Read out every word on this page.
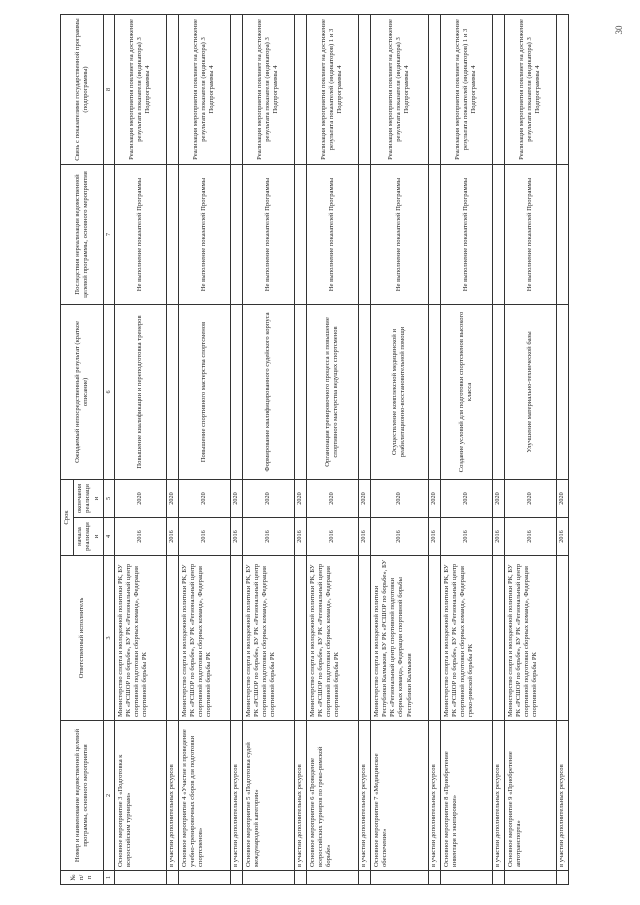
№ п/п	Номер и наименование ведомственной целевой программы, основного мероприятия	Ответственный исполнитель	Срок		Ожидаемый непосредственный результат (краткое описание)	Последствия нереализации ведомственной целевой программы, основного мероприятия	Связь с показателями государственной программы (подпрограммы)
			начала реализации	окончания реализации			
1	2	3	4	5	6	7	8
	Основное мероприятие 3 «Подготовка к всероссийским турнирам»	Министерство спорта и молодежной политики РК, БУ РК «РСШОР по борьбе», БУ РК «Региональный центр спортивной подготовки сборных команд», Федерация спортивной борьбы РК	2016	2020	Повышение квалификации и переподготовка тренеров	Не выполнение показателей Программы	Реализация мероприятия повлияет на достижение результата показателя (индикатора) 3 Подпрограммы 4
	в участии дополнительных ресурсов		2016	2020			
	Основное мероприятие 4 «Участие и проведение учебно-тренировочных сборов для подготовки спортсменов»	Министерство спорта и молодежной политики РК, БУ РК «РСШОР по борьбе», БУ РК «Региональный центр спортивной подготовки сборных команд», Федерация спортивной борьбы РК	2016	2020	Повышение спортивного мастерства спортсменов	Не выполнение показателей Программы	Реализация мероприятия повлияет на достижение результата показателя (индикатора) 3 Подпрограммы 4
	в участии дополнительных ресурсов		2016	2020			
	Основное мероприятие 5 «Подготовка судей международной категории»	Министерство спорта и молодежной политики РК, БУ РК «РСШОР по борьбе», БУ РК «Региональный центр спортивной подготовки сборных команд», Федерация спортивной борьбы РК	2016	2020	Формирование квалифицированного судейского корпуса	Не выполнение показателей Программы	Реализация мероприятия повлияет на достижение результата показателя (индикатора) 3 Подпрограммы 4
	в участии дополнительных ресурсов		2016	2020			
	Основное мероприятие 6 «Проведение всероссийских турниров по греко-римской борьбе»	Министерство спорта и молодежной политики РК, БУ РК «РСШОР по борьбе», БУ РК «Региональный центр спортивной подготовки сборных команд», Федерация спортивной борьбы РК	2016	2020	Организация тренировочного процесса и повышение спортивного мастерства ведущих спортсменов	Не выполнение показателей Программы	Реализация мероприятия повлияет на достижение результата показателей (индикаторов) 1 и 3 Подпрограммы 4
	в участии дополнительных ресурсов		2016	2020			
	Основное мероприятие 7 «Медицинское обеспечение»	Министерство спорта и молодежной политики Республики Калмыкия, БУ РК «РСШОР по борьбе», БУ РК «Региональный центр спортивной подготовки сборных команд», Федерация спортивной борьбы Республики Калмыкия	2016	2020	Осуществление комплексной медицинской и реабилитационно-восстановительной помощи	Не выполнение показателей Программы	Реализация мероприятия повлияет на достижение результата показателя (индикатора) 3 Подпрограммы 4
	в участии дополнительных ресурсов		2016	2020			
	Основное мероприятие 8 «Приобретение инвентаря и экипировки»	Министерство спорта и молодежной политики РК, БУ РК «РСШОР по борьбе», БУ РК «Региональный центр спортивной подготовки сборных команд», Федерация греко-римской борьбы РК	2016	2020	Создание условий для подготовки спортсменов высокого класса	Не выполнение показателей Программы	Реализация мероприятия повлияет на достижение результата показателей (индикаторов) 1 и 3 Подпрограммы 4
	в участии дополнительных ресурсов		2016	2020			
	Основное мероприятие 9 «Приобретение автотранспорта»	Министерство спорта и молодежной политики РК, БУ РК «РСШОР по борьбе», БУ РК «Региональный центр спортивной подготовки сборных команд», Федерация спортивной борьбы РК	2016	2020	Улучшение материально-технической базы	Не выполнение показателей Программы	Реализация мероприятия повлияет на достижение результата показателя (индикатора) 3 Подпрограммы 4
	в участии дополнительных ресурсов		2016	2020			
30
